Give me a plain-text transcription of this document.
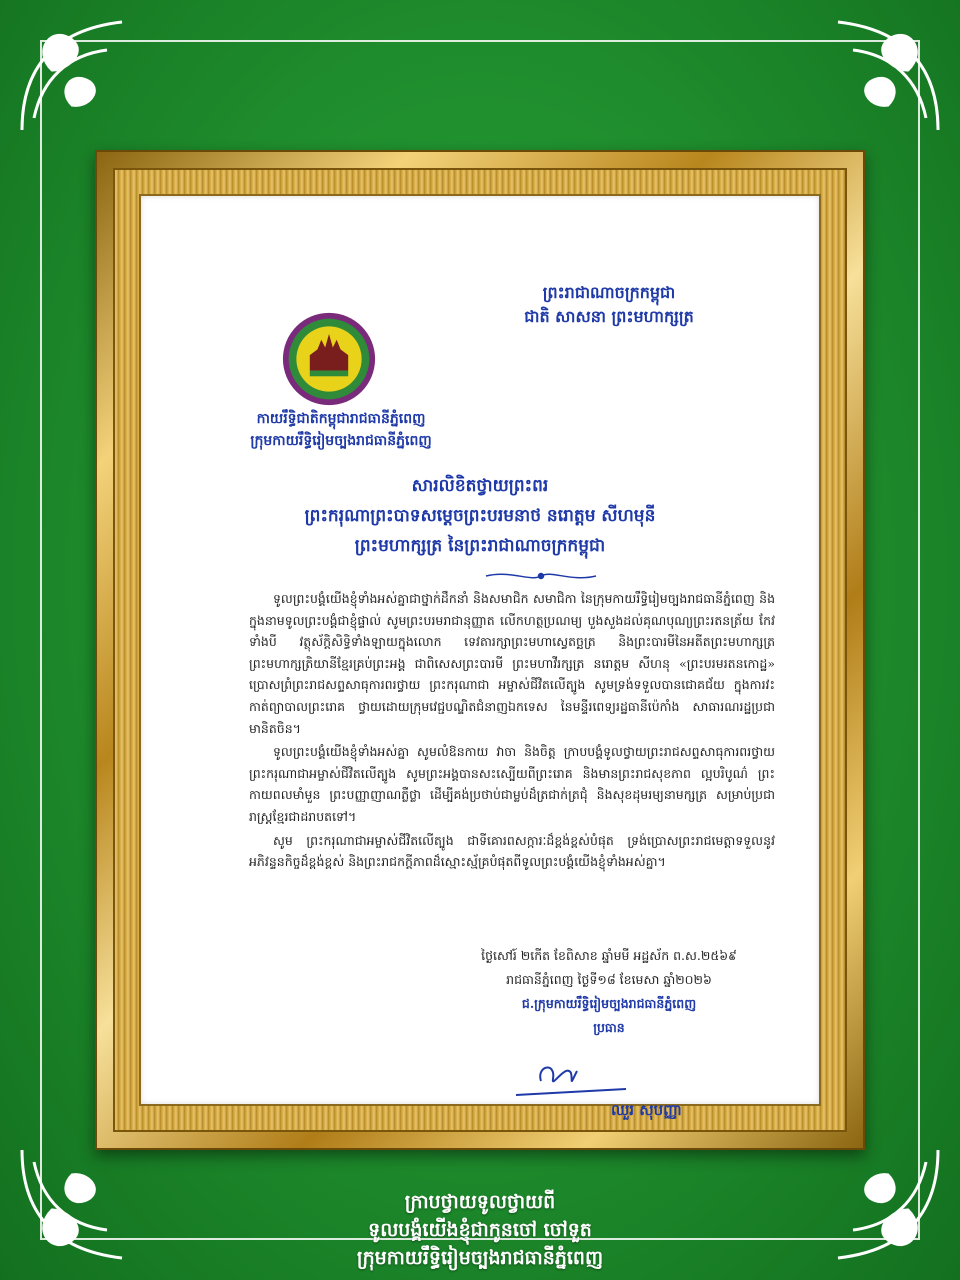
ព្រះរាជាណាចក្រកម្ពុជា
ជាតិ សាសនា ព្រះមហាក្សត្រ
កាយរឹទ្ធិជាតិកម្ពុជារាជធានីភ្នំពេញ
ក្រុមកាយរឹទ្ធិរៀមច្បងរាជធានីភ្នំពេញ
សារលិខិតថ្វាយព្រះពរ
ព្រះករុណាព្រះបាទសម្តេចព្រះបរមនាថ នរោត្តម សីហមុនី
ព្រះមហាក្សត្រ នៃព្រះរាជាណាចក្រកម្ពុជា

ទូលព្រះបង្គំយើងខ្ញុំទាំងអស់គ្នាជាថ្នាក់ដឹកនាំ និងសមាជិក សមាជិកា នៃក្រុមកាយរឹទ្ធិរៀមច្បងរាជធានីភ្នំពេញ និងក្នុងនាមទូលព្រះបង្គំជាខ្ញុំផ្ទាល់ សូមព្រះបរមរាជានុញ្ញាត លើកហត្ថប្រណម្យ បួងសួងដល់គុណបុណ្យព្រះរតនត្រ័យ កែវទាំងបី វត្ថុស័ក្តិសិទ្ធិទាំងឡាយក្នុងលោក ទេវតារក្សាព្រះមហាស្វេតច្ឆត្រ និងព្រះបារមីនៃអតីតព្រះមហាក្សត្រ ព្រះមហាក្សត្រិយានីខ្មែរគ្រប់ព្រះអង្គ ជាពិសេសព្រះបារមី ព្រះមហាវីរក្សត្រ នរោត្តម សីហនុ «ព្រះបរមរតនកោដ្ឋ» ប្រោសព្រំព្រះរាជសព្ទសាធុការពរថ្វាយ ព្រះករុណាជា អម្ចាស់ជីវិតលើត្បូង សូមទ្រង់ទទួលបានជោគជ័យ ក្នុងការវះកាត់ព្យាបាលព្រះរោគ ថ្វាយដោយក្រុមវេជ្ជបណ្ឌិតជំនាញឯកទេស នៃមន្ទីរពេទ្យរដ្ឋធានីប៉េកាំង សាធារណរដ្ឋប្រជាមានិតចិន។

ទូលព្រះបង្គំយើងខ្ញុំទាំងអស់គ្នា សូមលំឱនកាយ វាចា និងចិត្ត ក្រាបបង្គំទូលថ្វាយព្រះរាជសព្ទសាធុការពរថ្វាយ ព្រះករុណាជាអម្ចាស់ជីវិតលើត្បូង សូមព្រះអង្គបានសះស្បើយពីព្រះរោគ និងមានព្រះរាជសុខភាព ល្អបរិបូណ៌ ព្រះកាយពលមាំមួន ព្រះបញ្ញាញាណភ្លឺថ្លា ដើម្បីគង់ប្រថាប់ជាម្លប់ដ៏ត្រជាក់ត្រជុំ និងសុខដុមរម្យនាមក្សត្រ សម្រាប់ប្រជារាស្ត្រខ្មែរជាដរាបតទៅ។

សូម ព្រះករុណាជាអម្ចាស់ជីវិតលើត្បូង ជាទីគោរពសក្ការៈដ៏ខ្ពង់ខ្ពស់បំផុត ទ្រង់ប្រោសព្រះរាជមេត្តាទទួលនូវអភិវន្ទនកិច្ចដ៏ខ្ពង់ខ្ពស់ និងព្រះរាជកក្តីភាពដ៏ស្មោះស្ម័គ្របំផុតពីទូលព្រះបង្គំយើងខ្ញុំទាំងអស់គ្នា។

ថ្ងៃសៅរ៍ ២កើត ខែពិសាខ ឆ្នាំមមី អដ្ឋស័ក ព.ស.២៥៦៩
រាជធានីភ្នំពេញ ថ្ងៃទី១៨ ខែមេសា ឆ្នាំ២០២៦
ជ.ក្រុមកាយរឹទ្ធិរៀមច្បងរាជធានីភ្នំពេញ
ប្រធាន
ឈួរ សុបញ្ញា
ក្រាបថ្វាយទូលថ្វាយពី
ទូលបង្គំយើងខ្ញុំជាកូនចៅ ចៅទួត
ក្រុមកាយរឹទ្ធិរៀមច្បងរាជធានីភ្នំពេញ
